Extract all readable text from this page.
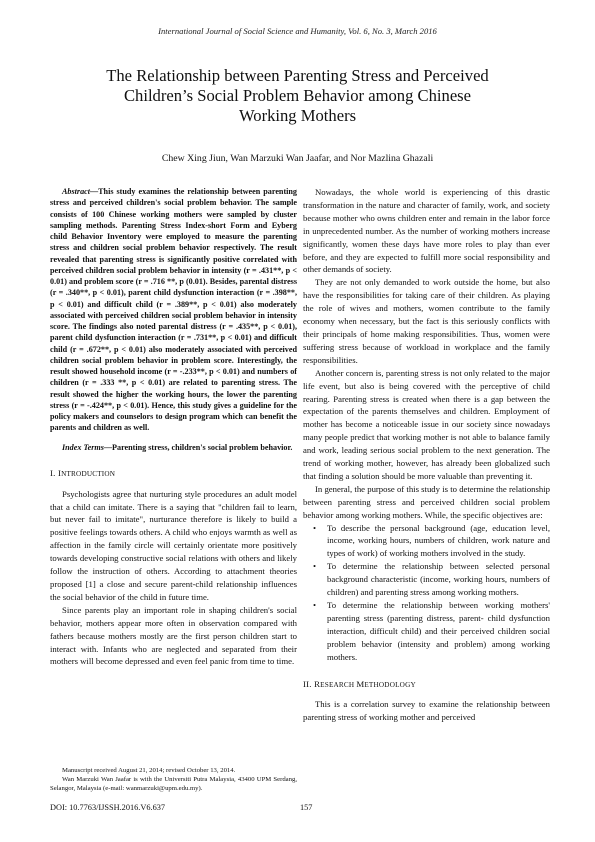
International Journal of Social Science and Humanity, Vol. 6, No. 3, March 2016
The Relationship between Parenting Stress and Perceived
Children’s Social Problem Behavior among Chinese
Working Mothers
Chew Xing Jiun, Wan Marzuki Wan Jaafar, and Nor Mazlina Ghazali

Abstract—This study examines the relationship between parenting stress and perceived children's social problem behavior. The sample consists of 100 Chinese working mothers were sampled by cluster sampling methods. Parenting Stress Index-short Form and Eyberg child Behavior Inventory were employed to measure the parenting stress and children social problem behavior respectively. The result revealed that parenting stress is significantly positive correlated with perceived children social problem behavior in intensity (r = .431**, p < 0.01) and problem score (r = .716 **, p (0.01). Besides, parental distress (r = .340**, p < 0.01), parent child dysfunction interaction (r = .398**, p < 0.01) and difficult child (r = .389**, p < 0.01) also moderately associated with perceived children social problem behavior in intensity score. The findings also noted parental distress (r = .435**, p < 0.01), parent child dysfunction interaction (r = .731**, p < 0.01) and difficult child (r = .672**, p < 0.01) also moderately associated with perceived children social problem behavior in problem score. Interestingly, the result showed household income (r = -.233**, p < 0.01) and numbers of children (r = .333 **, p < 0.01) are related to parenting stress. The result showed the higher the working hours, the lower the parenting stress (r = -.424**, p < 0.01). Hence, this study gives a guideline for the policy makers and counselors to design program which can benefit the parents and children as well.

Index Terms—Parenting stress, children's social problem behavior.

I. INTRODUCTION

Psychologists agree that nurturing style procedures an adult model that a child can imitate. There is a saying that "children fail to learn, but never fail to imitate", nurturance therefore is likely to build a positive feelings towards others. A child who enjoys warmth as well as affection in the family circle will certainly orientate more positively towards developing constructive social relations with others and likely follow the instruction of others. According to attachment theories proposed [1] a close and secure parent-child relationship influences the social behavior of the child in future time.

Since parents play an important role in shaping children's social behavior, mothers appear more often in observation compared with fathers because mothers mostly are the first person children start to interact with. Infants who are neglected and separated from their mothers will become depressed and even feel panic from time to time.

Nowadays, the whole world is experiencing of this drastic transformation in the nature and character of family, work, and society because mother who owns children enter and remain in the labor force in unprecedented number. As the number of working mothers increase significantly, women these days have more roles to play than ever before, and they are expected to fulfill more social responsibility and other demands of society.

They are not only demanded to work outside the home, but also have the responsibilities for taking care of their children. As playing the role of wives and mothers, women contribute to the family economy when necessary, but the fact is this seriously conflicts with their principals of home making responsibilities. Thus, women were suffering stress because of workload in workplace and the family responsibilities.

Another concern is, parenting stress is not only related to the major life event, but also is being covered with the perceptive of child rearing. Parenting stress is created when there is a gap between the expectation of the parents themselves and children. Employment of mother has become a noticeable issue in our society since nowadays many people predict that working mother is not able to balance family and work, leading serious social problem to the next generation. The trend of working mother, however, has already been globalized such that finding a solution should be more valuable than preventing it.

In general, the purpose of this study is to determine the relationship between parenting stress and perceived children social problem behavior among working mothers. While, the specific objectives are:

• To describe the personal background (age, education level, income, working hours, numbers of children, work nature and types of work) of working mothers involved in the study.
• To determine the relationship between selected personal background characteristic (income, working hours, numbers of children) and parenting stress among working mothers.
• To determine the relationship between working mothers' parenting stress (parenting distress, parent- child dysfunction interaction, difficult child) and their perceived children social problem behavior (intensity and problem) among working mothers.

II. RESEARCH METHODOLOGY

This is a correlation survey to examine the relationship between parenting stress of working mother and perceived

Manuscript received August 21, 2014; revised October 13, 2014.

Wan Marzuki Wan Jaafar is with the Universiti Putra Malaysia, 43400 UPM Serdang, Selangor, Malaysia (e-mail: wanmarzuki@upm.edu.my).

DOI: 10.7763/IJSSH.2016.V6.637	157
